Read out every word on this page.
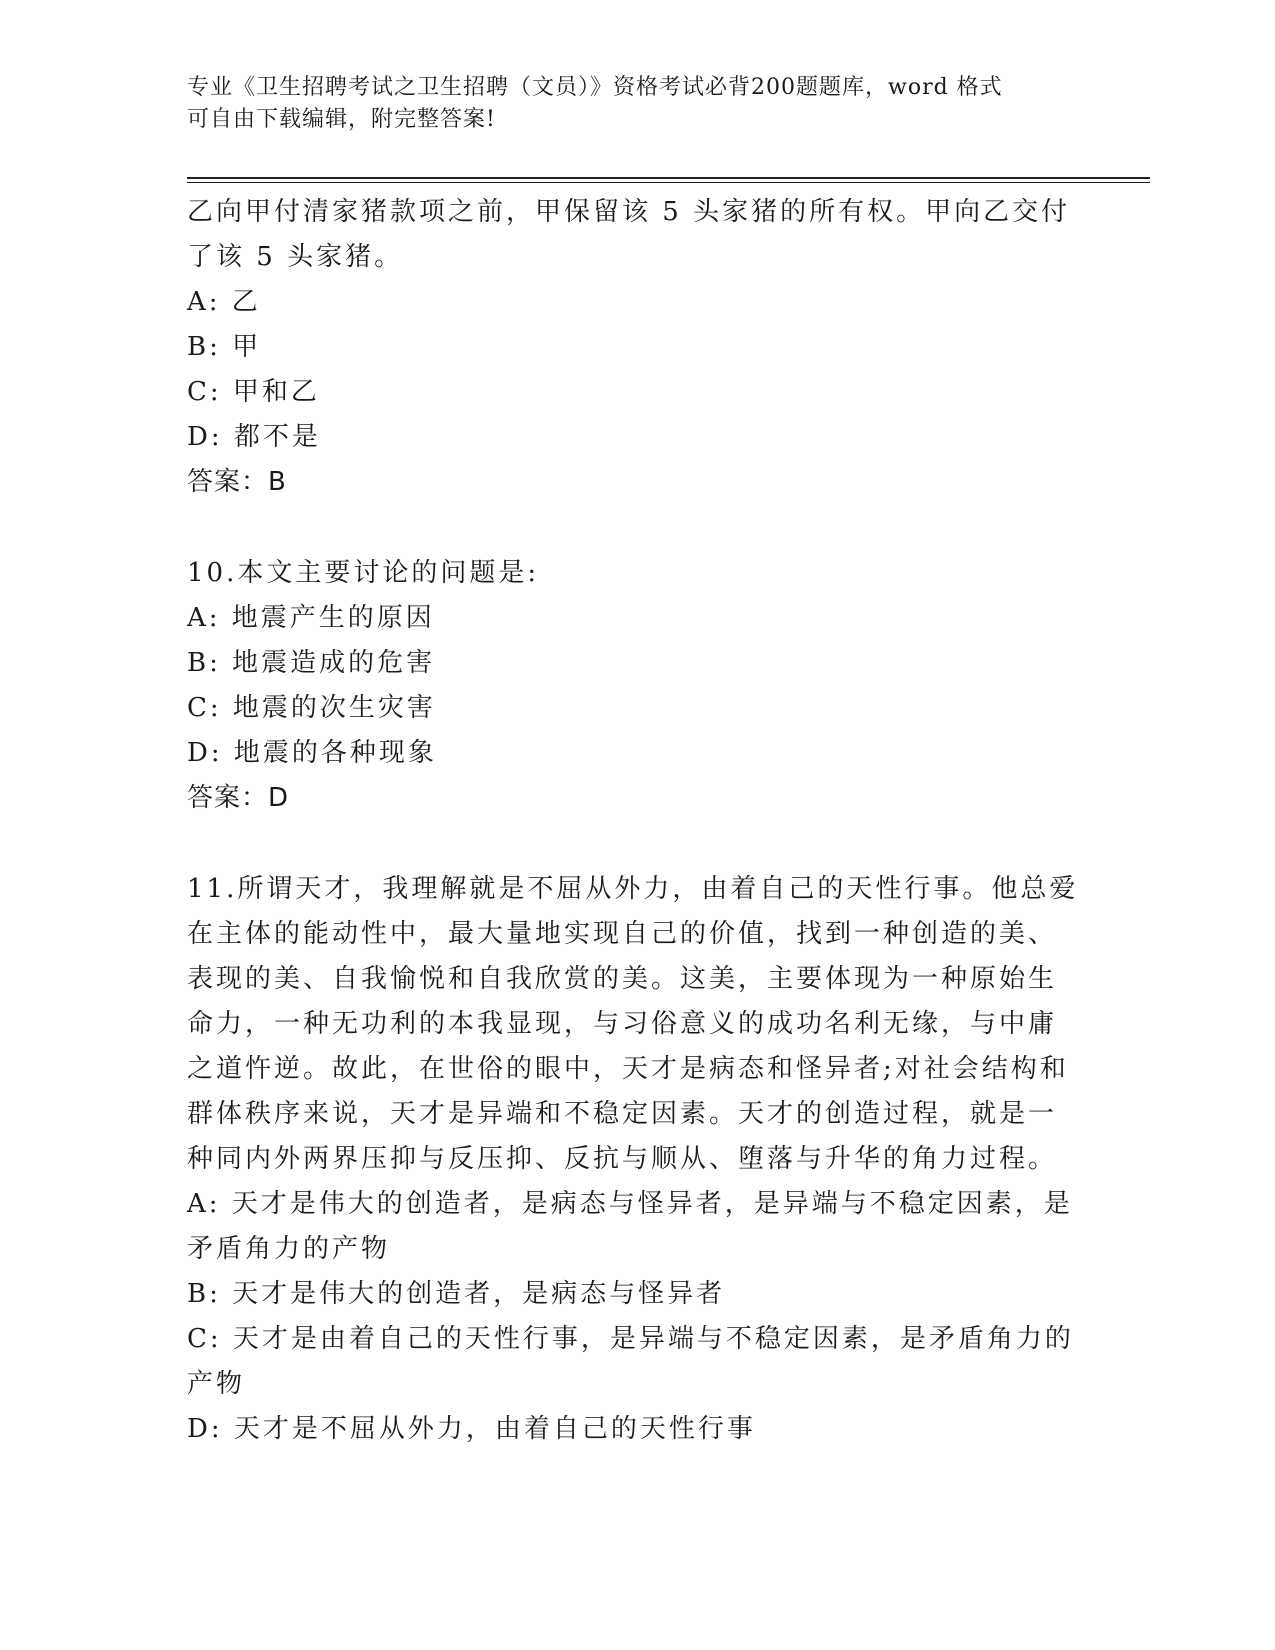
专业《卫生招聘考试之卫生招聘（文员）》资格考试必背200题题库，word 格式
可自由下载编辑，附完整答案!
乙向甲付清家猪款项之前，甲保留该 5 头家猪的所有权。甲向乙交付
了该 5 头家猪。
A: 乙
B: 甲
C: 甲和乙
D: 都不是
答案：B
10.本文主要讨论的问题是:
A: 地震产生的原因
B: 地震造成的危害
C: 地震的次生灾害
D: 地震的各种现象
答案：D
11.所谓天才，我理解就是不屈从外力，由着自己的天性行事。他总爱
在主体的能动性中，最大量地实现自己的价值，找到一种创造的美、
表现的美、自我愉悦和自我欣赏的美。这美，主要体现为一种原始生
命力，一种无功利的本我显现，与习俗意义的成功名利无缘，与中庸
之道忤逆。故此，在世俗的眼中，天才是病态和怪异者;对社会结构和
群体秩序来说，天才是异端和不稳定因素。天才的创造过程，就是一
种同内外两界压抑与反压抑、反抗与顺从、堕落与升华的角力过程。
A: 天才是伟大的创造者，是病态与怪异者，是异端与不稳定因素，是
矛盾角力的产物
B: 天才是伟大的创造者，是病态与怪异者
C: 天才是由着自己的天性行事，是异端与不稳定因素，是矛盾角力的
产物
D: 天才是不屈从外力，由着自己的天性行事
